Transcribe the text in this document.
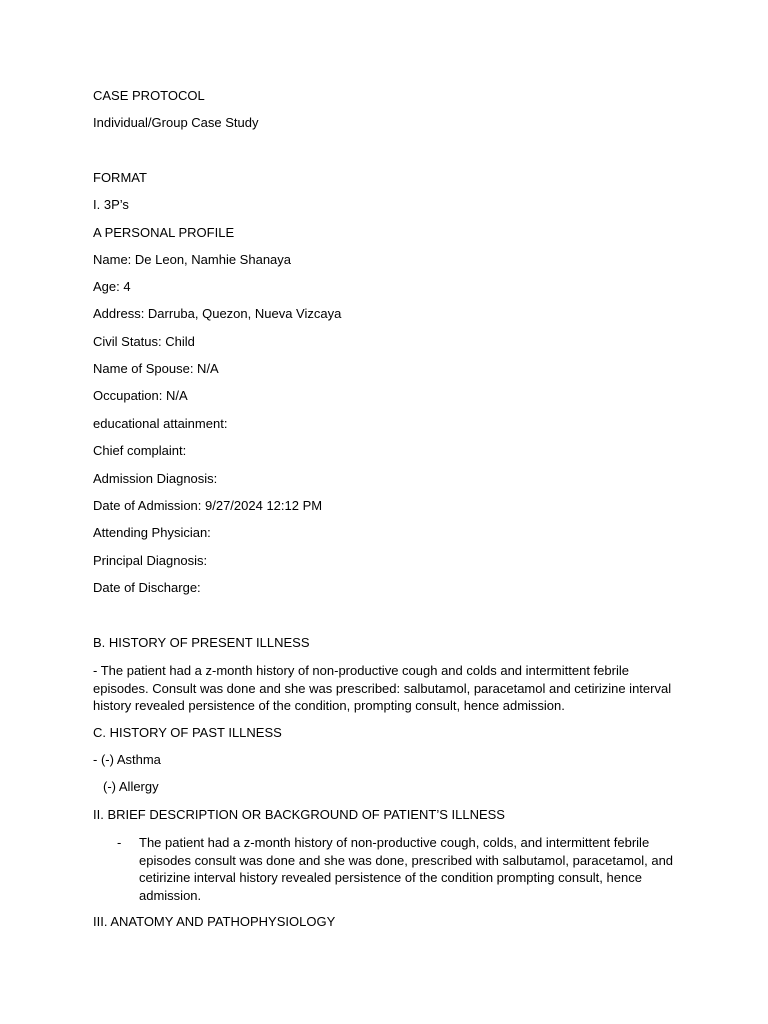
CASE PROTOCOL
Individual/Group Case Study
FORMAT
I. 3P’s
A PERSONAL PROFILE
Name: De Leon, Namhie Shanaya
Age: 4
Address: Darruba, Quezon, Nueva Vizcaya
Civil Status: Child
Name of Spouse: N/A
Occupation: N/A
educational attainment:
Chief complaint:
Admission Diagnosis:
Date of Admission: 9/27/2024 12:12 PM
Attending Physician:
Principal Diagnosis:
Date of Discharge:
B. HISTORY OF PRESENT ILLNESS
- The patient had a z-month history of non-productive cough and colds and intermittent febrile episodes. Consult was done and she was prescribed: salbutamol, paracetamol and cetirizine interval history revealed persistence of the condition, prompting consult, hence admission.
C. HISTORY OF PAST ILLNESS
- (-) Asthma
(-) Allergy
II. BRIEF DESCRIPTION OR BACKGROUND OF PATIENT’S ILLNESS
- The patient had a z-month history of non-productive cough, colds, and intermittent febrile episodes consult was done and she was done, prescribed with salbutamol, paracetamol, and cetirizine interval history revealed persistence of the condition prompting consult, hence admission.
III. ANATOMY AND PATHOPHYSIOLOGY
